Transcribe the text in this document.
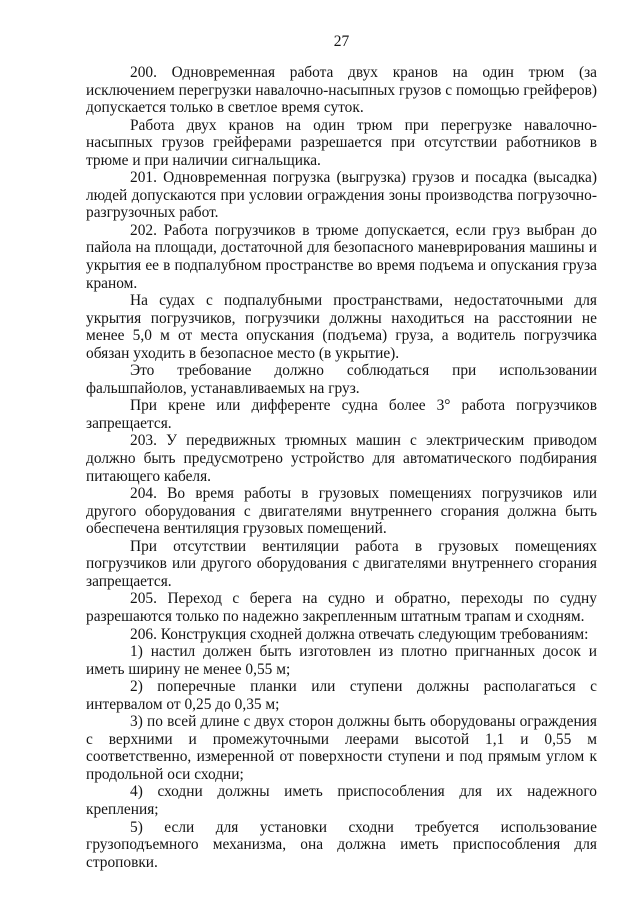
27

200. Одновременная работа двух кранов на один трюм (за исключением перегрузки навалочно-насыпных грузов с помощью грейферов) допускается только в светлое время суток.

Работа двух кранов на один трюм при перегрузке навалочно-насыпных грузов грейферами разрешается при отсутствии работников в трюме и при наличии сигнальщика.

201. Одновременная погрузка (выгрузка) грузов и посадка (высадка) людей допускаются при условии ограждения зоны производства погрузочно-разгрузочных работ.

202. Работа погрузчиков в трюме допускается, если груз выбран до пайола на площади, достаточной для безопасного маневрирования машины и укрытия ее в подпалубном пространстве во время подъема и опускания груза краном.

На судах с подпалубными пространствами, недостаточными для укрытия погрузчиков, погрузчики должны находиться на расстоянии не менее 5,0 м от места опускания (подъема) груза, а водитель погрузчика обязан уходить в безопасное место (в укрытие).

Это требование должно соблюдаться при использовании фальшпайолов, устанавливаемых на груз.

При крене или дифференте судна более 3° работа погрузчиков запрещается.

203. У передвижных трюмных машин с электрическим приводом должно быть предусмотрено устройство для автоматического подбирания питающего кабеля.

204. Во время работы в грузовых помещениях погрузчиков или другого оборудования с двигателями внутреннего сгорания должна быть обеспечена вентиляция грузовых помещений.

При отсутствии вентиляции работа в грузовых помещениях погрузчиков или другого оборудования с двигателями внутреннего сгорания запрещается.

205. Переход с берега на судно и обратно, переходы по судну разрешаются только по надежно закрепленным штатным трапам и сходням.

206. Конструкция сходней должна отвечать следующим требованиям:

1) настил должен быть изготовлен из плотно пригнанных досок и иметь ширину не менее 0,55 м;

2) поперечные планки или ступени должны располагаться с интервалом от 0,25 до 0,35 м;

3) по всей длине с двух сторон должны быть оборудованы ограждения с верхними и промежуточными леерами высотой 1,1 и 0,55 м соответственно, измеренной от поверхности ступени и под прямым углом к продольной оси сходни;

4) сходни должны иметь приспособления для их надежного крепления;

5) если для установки сходни требуется использование грузоподъемного механизма, она должна иметь приспособления для строповки.
